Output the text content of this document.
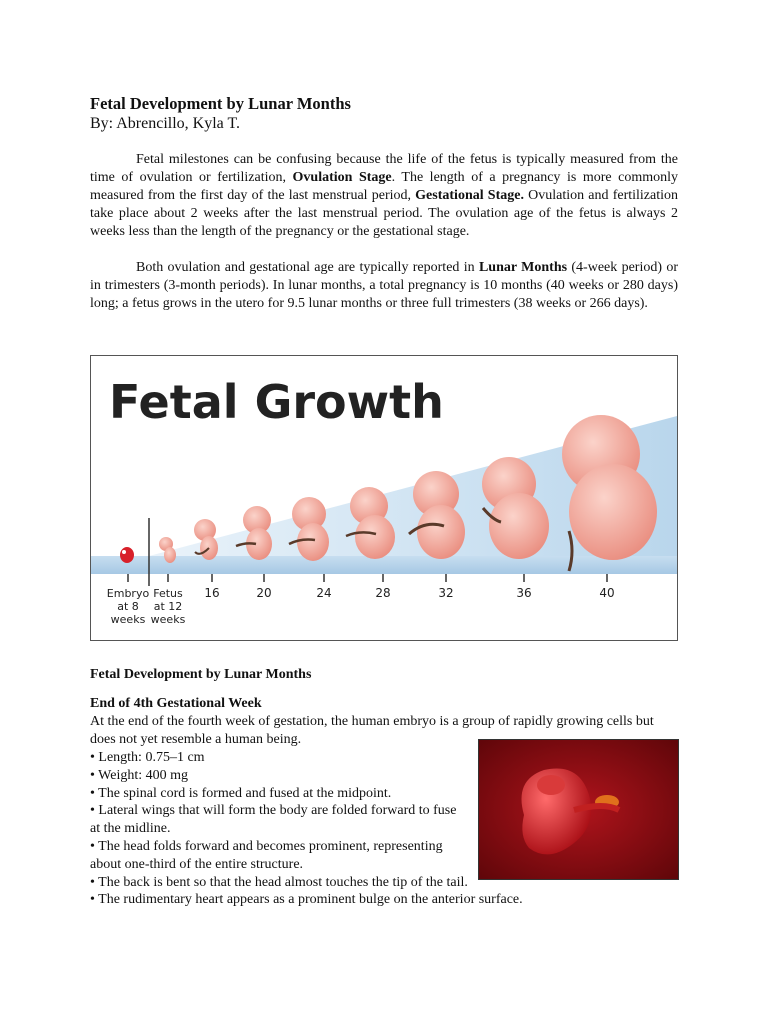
Fetal Development by Lunar Months
By: Abrencillo, Kyla T.

Fetal milestones can be confusing because the life of the fetus is typically measured from the time of ovulation or fertilization, Ovulation Stage. The length of a pregnancy is more commonly measured from the first day of the last menstrual period, Gestational Stage. Ovulation and fertilization take place about 2 weeks after the last menstrual period. The ovulation age of the fetus is always 2 weeks less than the length of the pregnancy or the gestational stage.

Both ovulation and gestational age are typically reported in Lunar Months (4-week period) or in trimesters (3-month periods). In lunar months, a total pregnancy is 10 months (40 weeks or 280 days) long; a fetus grows in the utero for 9.5 lunar months or three full trimesters (38 weeks or 266 days).

Fetal Growth
Embryo
at 8
weeks
Fetus
at 12
weeks
16	20	24	28	32	36	40
Fetal Development by Lunar Months
End of 4th Gestational Week
At the end of the fourth week of gestation, the human embryo is a group of rapidly growing cells but does not yet resemble a human being.
• Length: 0.75–1 cm
• Weight: 400 mg
• The spinal cord is formed and fused at the midpoint.
• Lateral wings that will form the body are folded forward to fuse at the midline.
• The head folds forward and becomes prominent, representing about one-third of the entire structure.
• The back is bent so that the head almost touches the tip of the tail.
• The rudimentary heart appears as a prominent bulge on the anterior surface.
